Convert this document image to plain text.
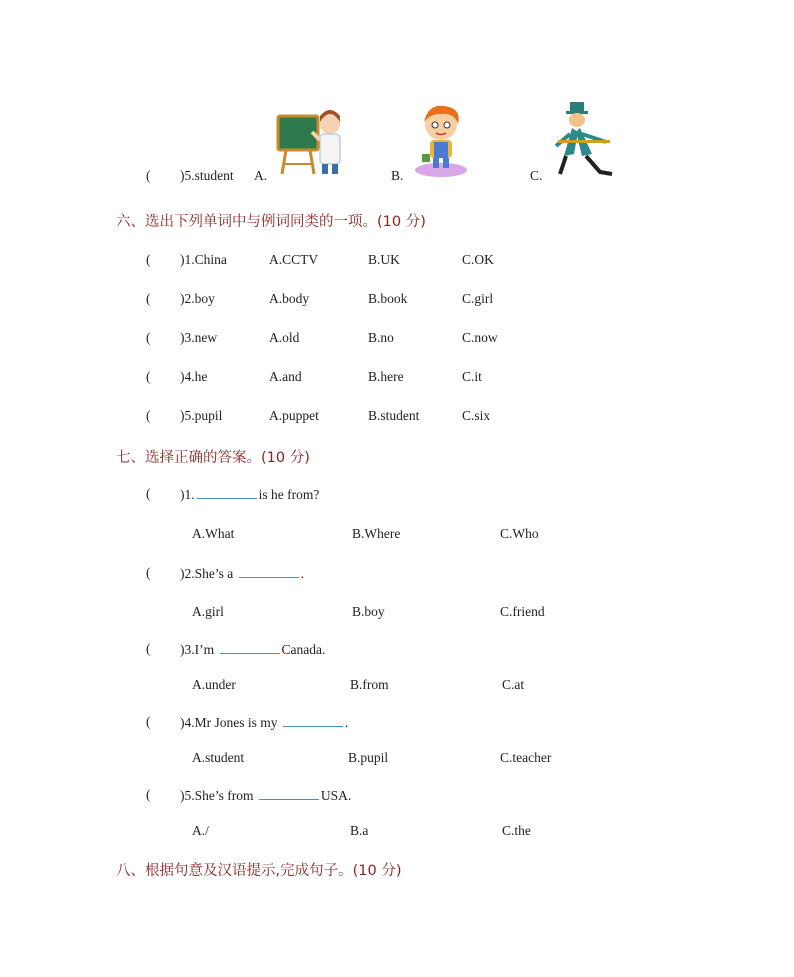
( )5.student A.	B.	C.
六、选出下列单词中与例词同类的一项。(10 分)
( )1.China	A.CCTV	B.UK	C.OK
( )2.boy	A.body	B.book	C.girl
( )3.new	A.old	B.no	C.now
( )4.he	A.and	B.here	C.it
( )5.pupil	A.puppet	B.student	C.six
七、选择正确的答案。(10 分)
( )1.	is he from?
A.What	B.Where	C.Who
( )2.She’s a	.
A.girl	B.boy	C.friend
( )3.I’m	Canada.
A.under	B.from	C.at
( )4.Mr Jones is my	.
A.student	B.pupil	C.teacher
( )5.She’s from	USA.
A./	B.a	C.the
八、根据句意及汉语提示,完成句子。(10 分)
